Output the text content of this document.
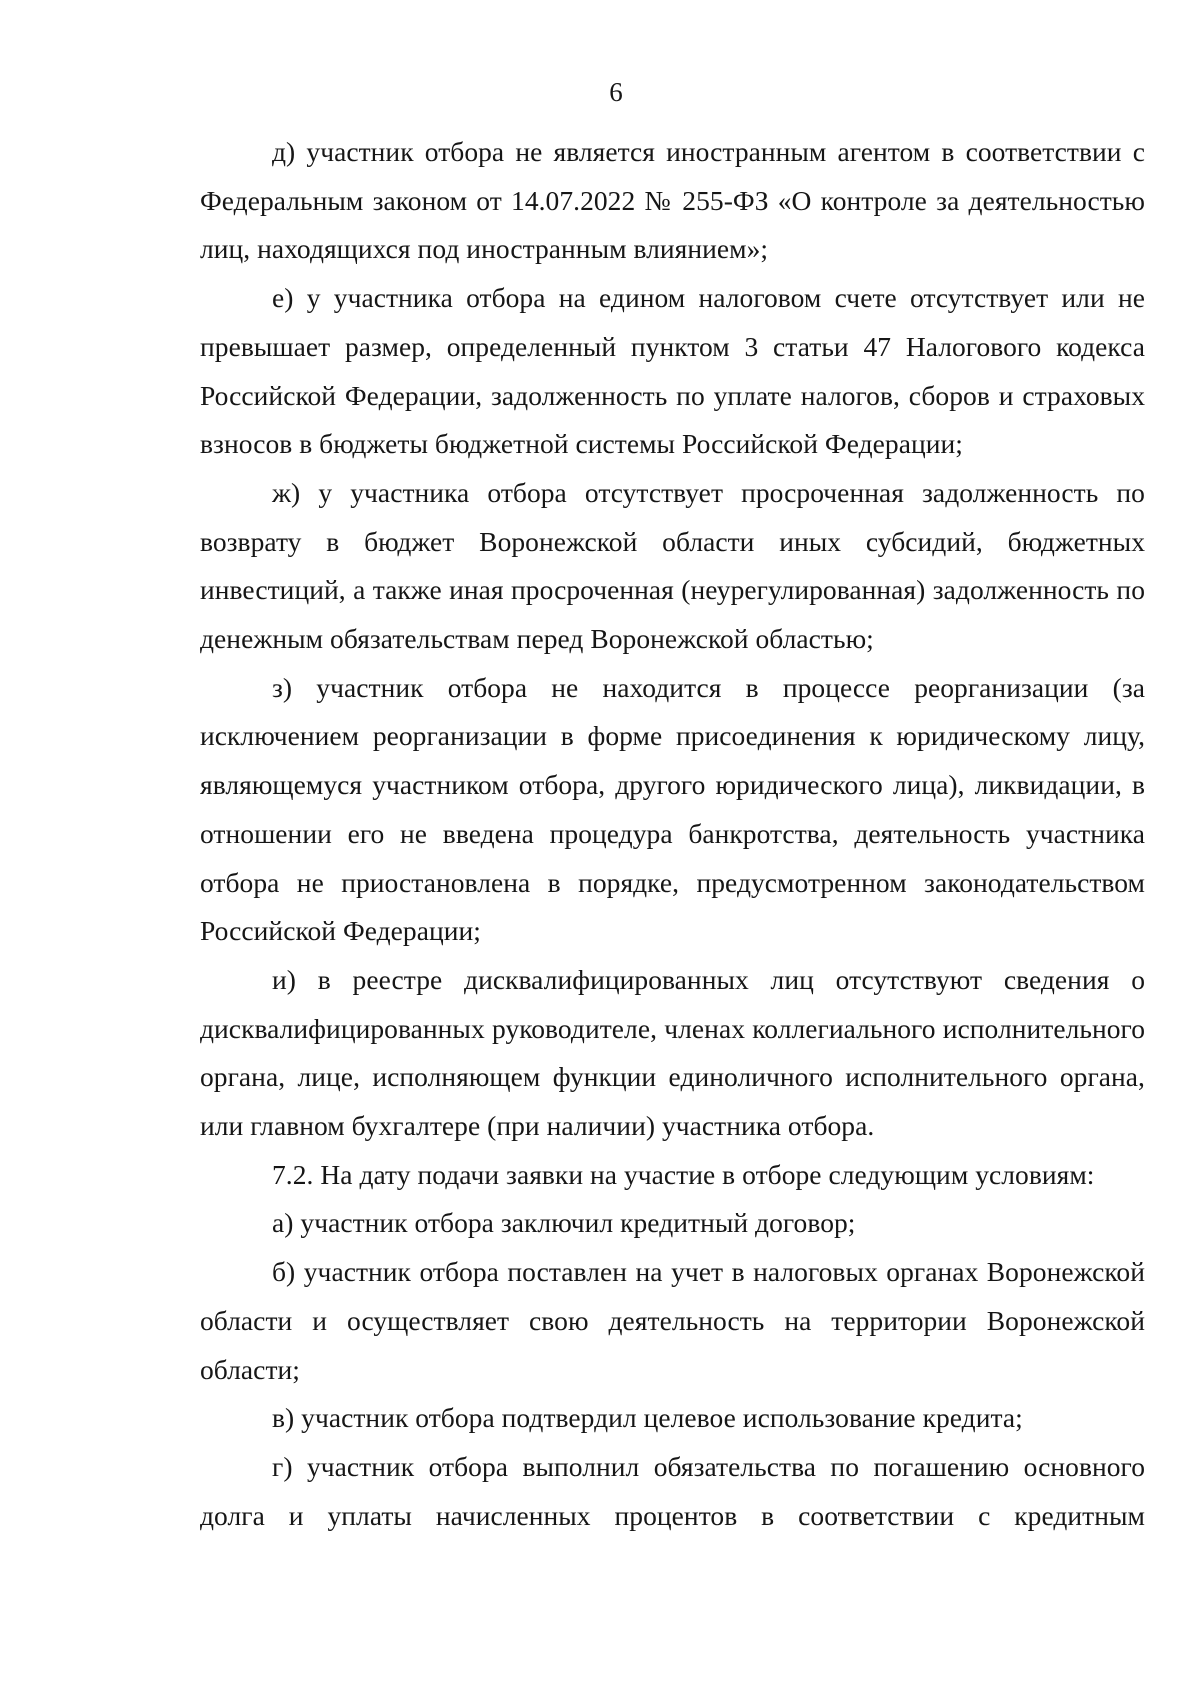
6

д) участник отбора не является иностранным агентом в соответствии с Федеральным законом от 14.07.2022 № 255-ФЗ «О контроле за деятельностью лиц, находящихся под иностранным влиянием»;

е) у участника отбора на едином налоговом счете отсутствует или не превышает размер, определенный пунктом 3 статьи 47 Налогового кодекса Российской Федерации, задолженность по уплате налогов, сборов и страховых взносов в бюджеты бюджетной системы Российской Федерации;

ж) у участника отбора отсутствует просроченная задолженность по возврату в бюджет Воронежской области иных субсидий, бюджетных инвестиций, а также иная просроченная (неурегулированная) задолженность по денежным обязательствам перед Воронежской областью;

з) участник отбора не находится в процессе реорганизации (за исключением реорганизации в форме присоединения к юридическому лицу, являющемуся участником отбора, другого юридического лица), ликвидации, в отношении его не введена процедура банкротства, деятельность участника отбора не приостановлена в порядке, предусмотренном законодательством Российской Федерации;

и) в реестре дисквалифицированных лиц отсутствуют сведения о дисквалифицированных руководителе, членах коллегиального исполнительного органа, лице, исполняющем функции единоличного исполнительного органа, или главном бухгалтере (при наличии) участника отбора.

7.2. На дату подачи заявки на участие в отборе следующим условиям:

а) участник отбора заключил кредитный договор;

б) участник отбора поставлен на учет в налоговых органах Воронежской области и осуществляет свою деятельность на территории Воронежской области;

в) участник отбора подтвердил целевое использование кредита;

г) участник отбора выполнил обязательства по погашению основного долга и уплаты начисленных процентов в соответствии с кредитным
